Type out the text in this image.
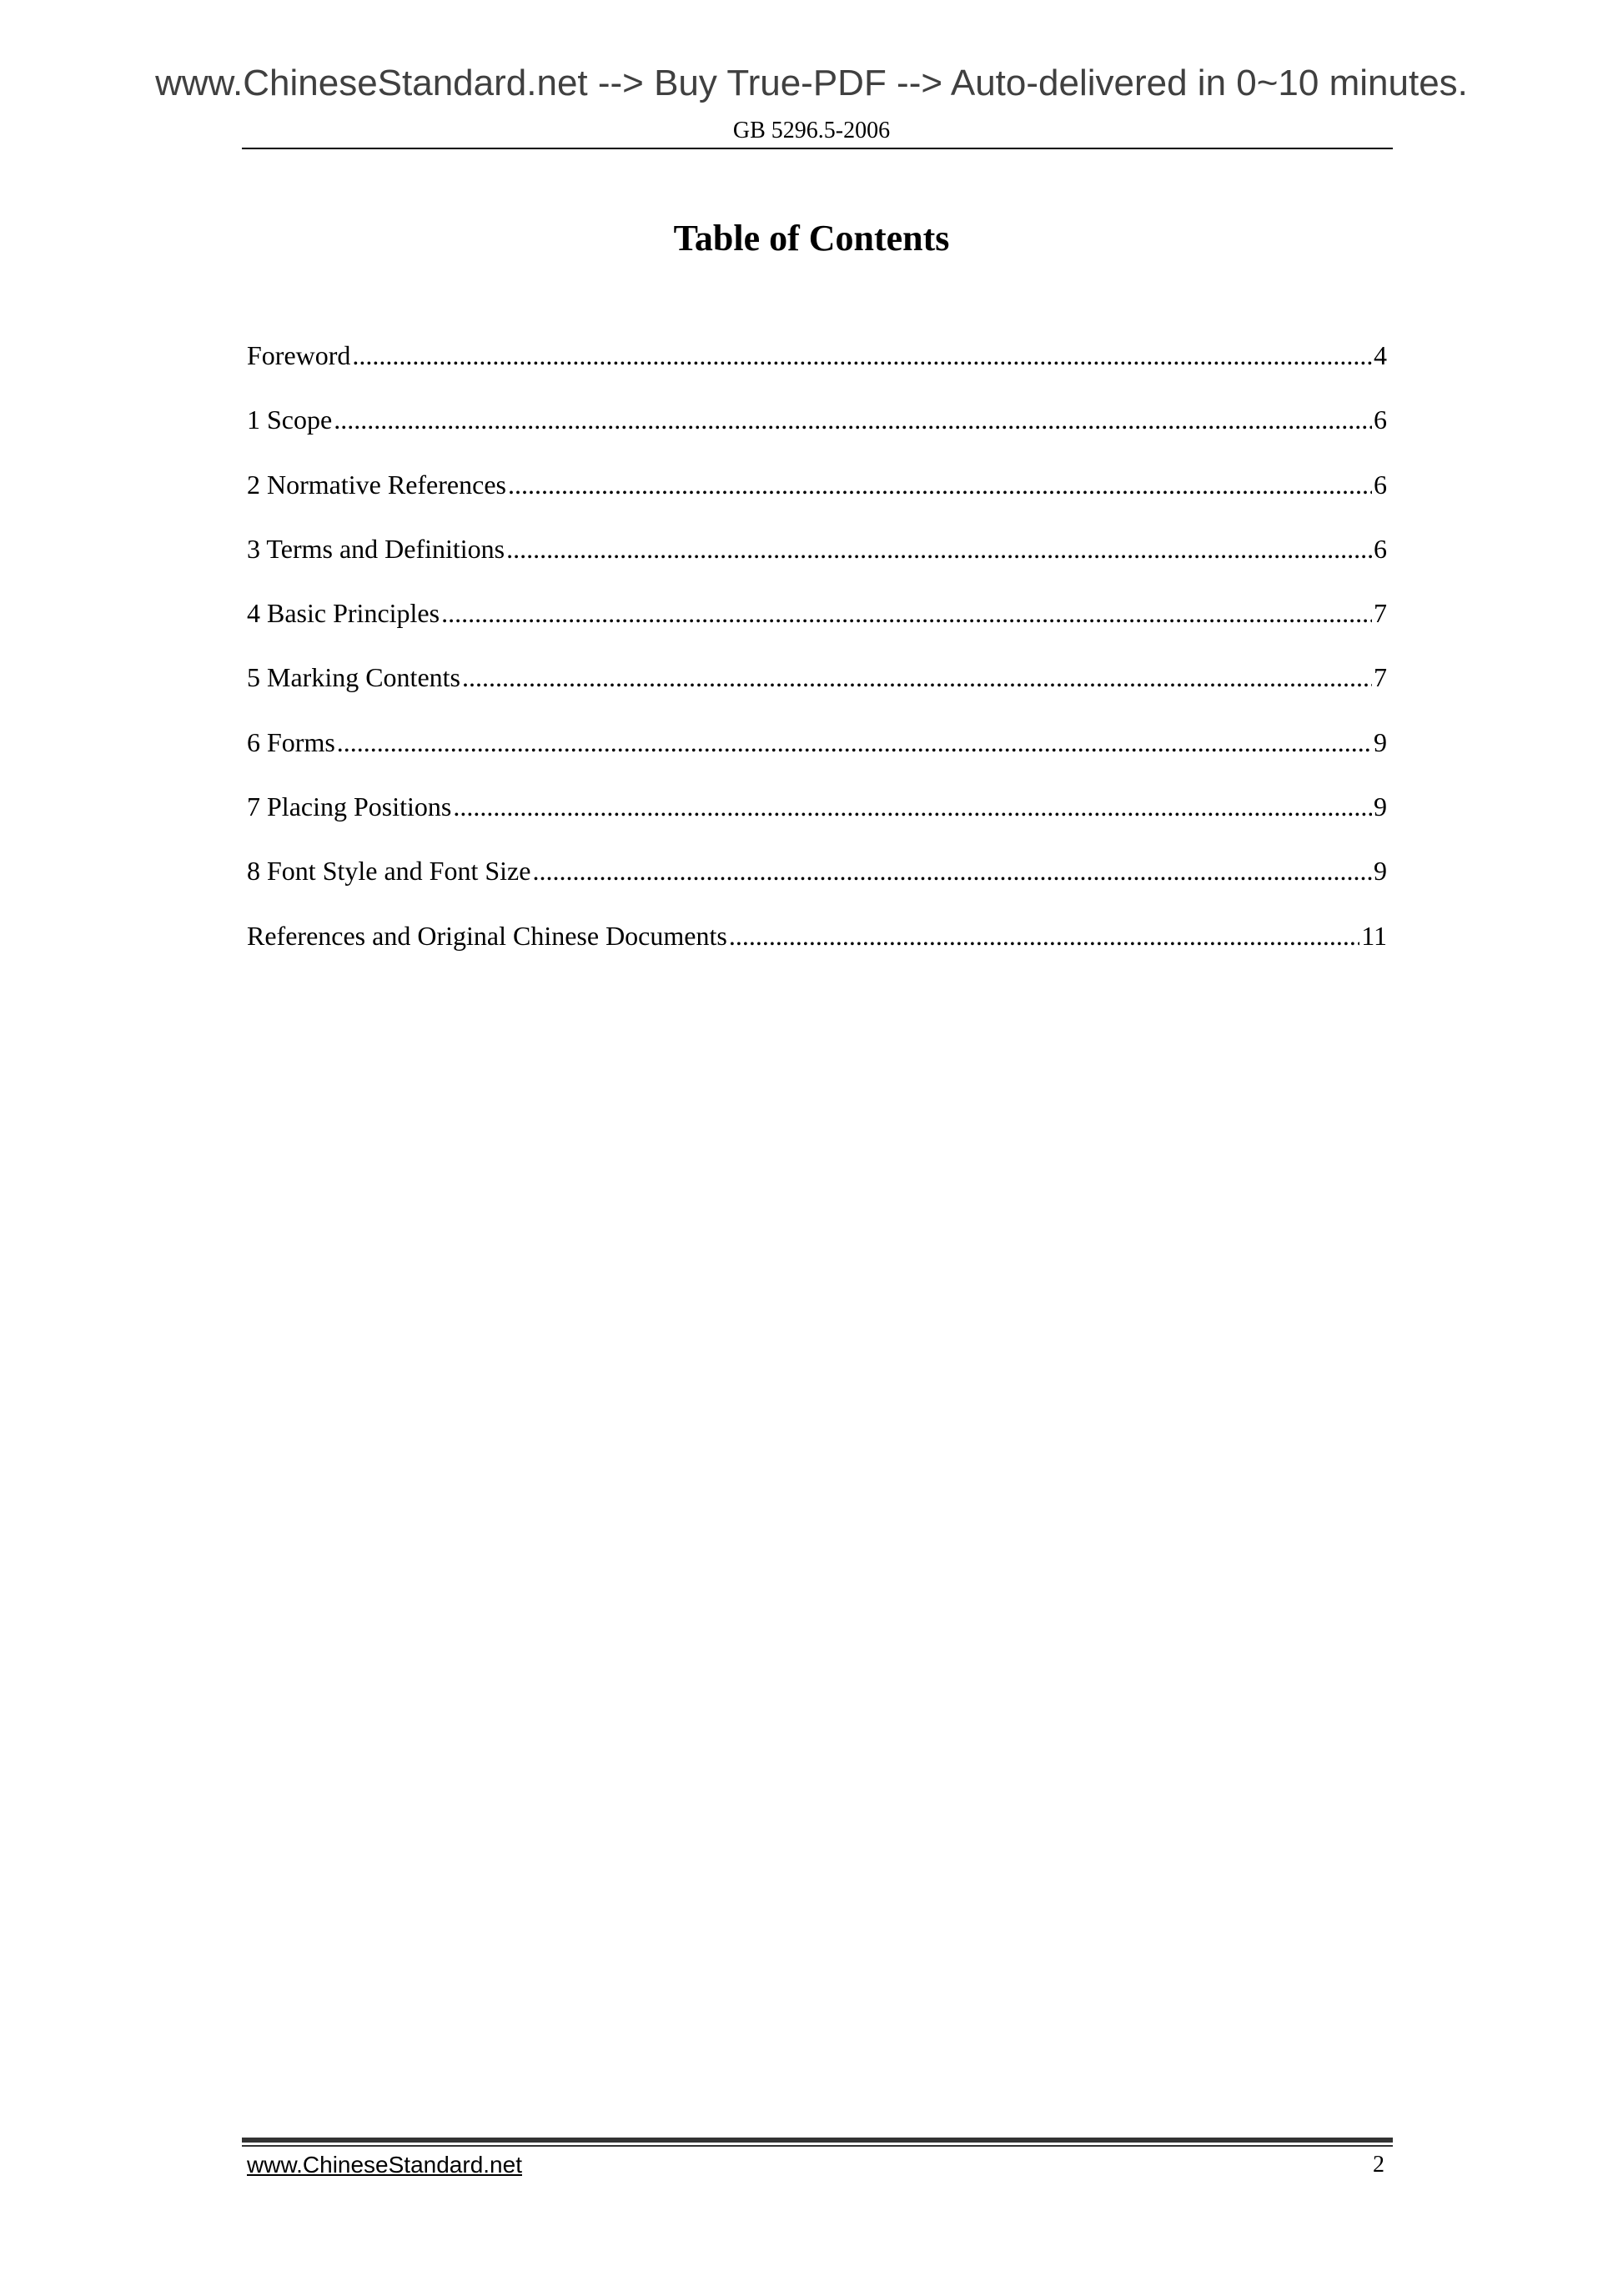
www.ChineseStandard.net --> Buy True-PDF --> Auto-delivered in 0~10 minutes.
GB 5296.5-2006
Table of Contents
Foreword .....	4
1 Scope .....	6
2 Normative References .....	6
3 Terms and Definitions .....	6
4 Basic Principles .....	7
5 Marking Contents .....	7
6 Forms .....	9
7 Placing Positions .....	9
8 Font Style and Font Size .....	9
References and Original Chinese Documents .....	11
www.ChineseStandard.net	2
